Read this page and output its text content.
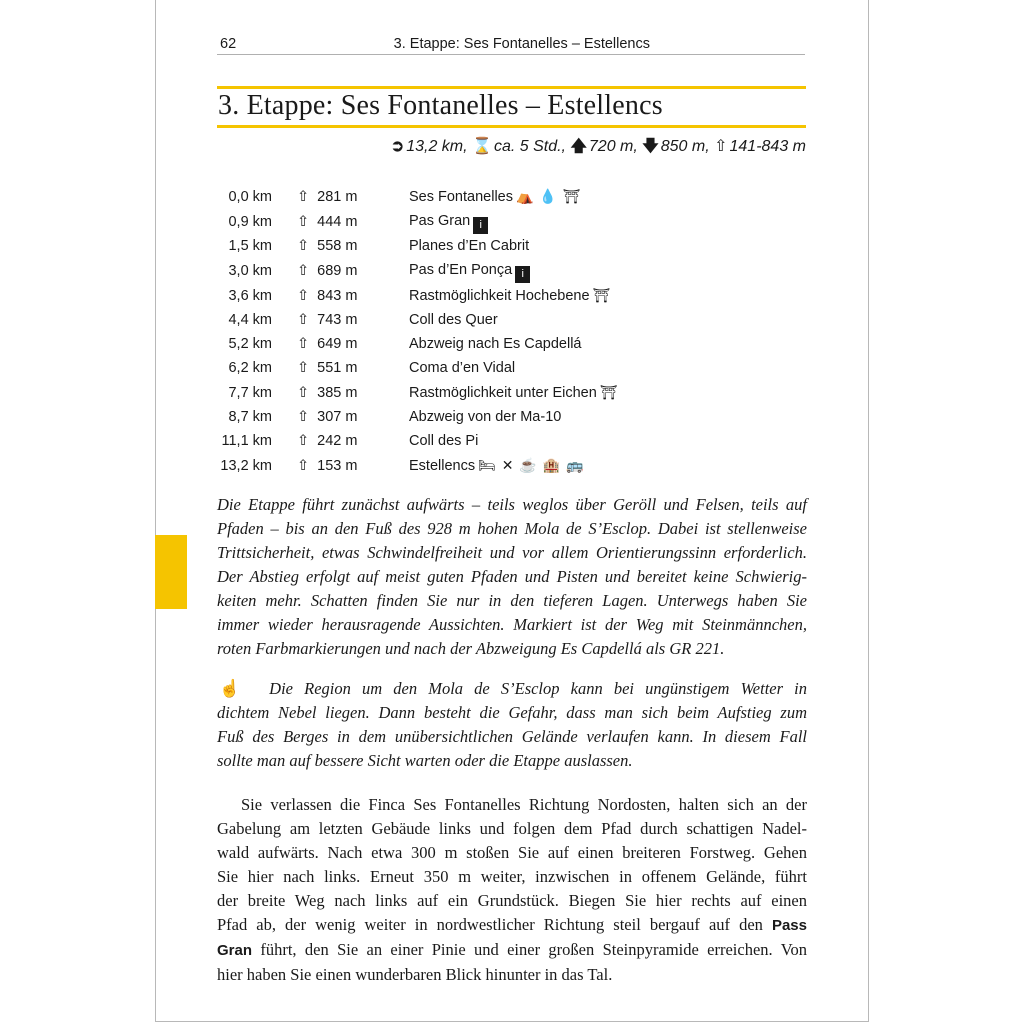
62	3. Etappe: Ses Fontanelles – Estellencs
3. Etappe: Ses Fontanelles – Estellencs
➲ 13,2 km, ⌛ ca. 5 Std., 🡅 720 m, 🡇 850 m, ⇧ 141-843 m
0,0 km	⇧ 281 m	Ses Fontanelles ⛺ 💧 ⛩
0,9 km	⇧ 444 m	Pas Gran i
1,5 km	⇧ 558 m	Planes d’En Cabrit
3,0 km	⇧ 689 m	Pas d’En Ponça i
3,6 km	⇧ 843 m	Rastmöglichkeit Hochebene ⛩
4,4 km	⇧ 743 m	Coll des Quer
5,2 km	⇧ 649 m	Abzweig nach Es Capdellá
6,2 km	⇧ 551 m	Coma d’en Vidal
7,7 km	⇧ 385 m	Rastmöglichkeit unter Eichen ⛩
8,7 km	⇧ 307 m	Abzweig von der Ma-10
11,1 km	⇧ 242 m	Coll des Pi
13,2 km	⇧ 153 m	Estellencs 🛏 ✕ ☕ 🏨 🚌
Die Etappe führt zunächst aufwärts – teils weglos über Geröll und Felsen, teils auf
Pfaden – bis an den Fuß des 928 m hohen Mola de S’Esclop. Dabei ist stellenweise
Trittsicherheit, etwas Schwindelfreiheit und vor allem Orientierungssinn erforderlich.
Der Abstieg erfolgt auf meist guten Pfaden und Pisten und bereitet keine Schwierig-
keiten mehr. Schatten finden Sie nur in den tieferen Lagen. Unterwegs haben Sie
immer wieder herausragende Aussichten. Markiert ist der Weg mit Steinmännchen,
roten Farbmarkierungen und nach der Abzweigung Es Capdellá als GR 221.
☝ Die Region um den Mola de S’Esclop kann bei ungünstigem Wetter in
dichtem Nebel liegen. Dann besteht die Gefahr, dass man sich beim Aufstieg zum
Fuß des Berges in dem unübersichtlichen Gelände verlaufen kann. In diesem Fall
sollte man auf bessere Sicht warten oder die Etappe auslassen.
Sie verlassen die Finca Ses Fontanelles Richtung Nordosten, halten sich an der
Gabelung am letzten Gebäude links und folgen dem Pfad durch schattigen Nadel-
wald aufwärts. Nach etwa 300 m stoßen Sie auf einen breiteren Forstweg. Gehen
Sie hier nach links. Erneut 350 m weiter, inzwischen in offenem Gelände, führt
der breite Weg nach links auf ein Grundstück. Biegen Sie hier rechts auf einen
Pfad ab, der wenig weiter in nordwestlicher Richtung steil bergauf auf den Pass
Gran führt, den Sie an einer Pinie und einer großen Steinpyramide erreichen. Von
hier haben Sie einen wunderbaren Blick hinunter in das Tal.
